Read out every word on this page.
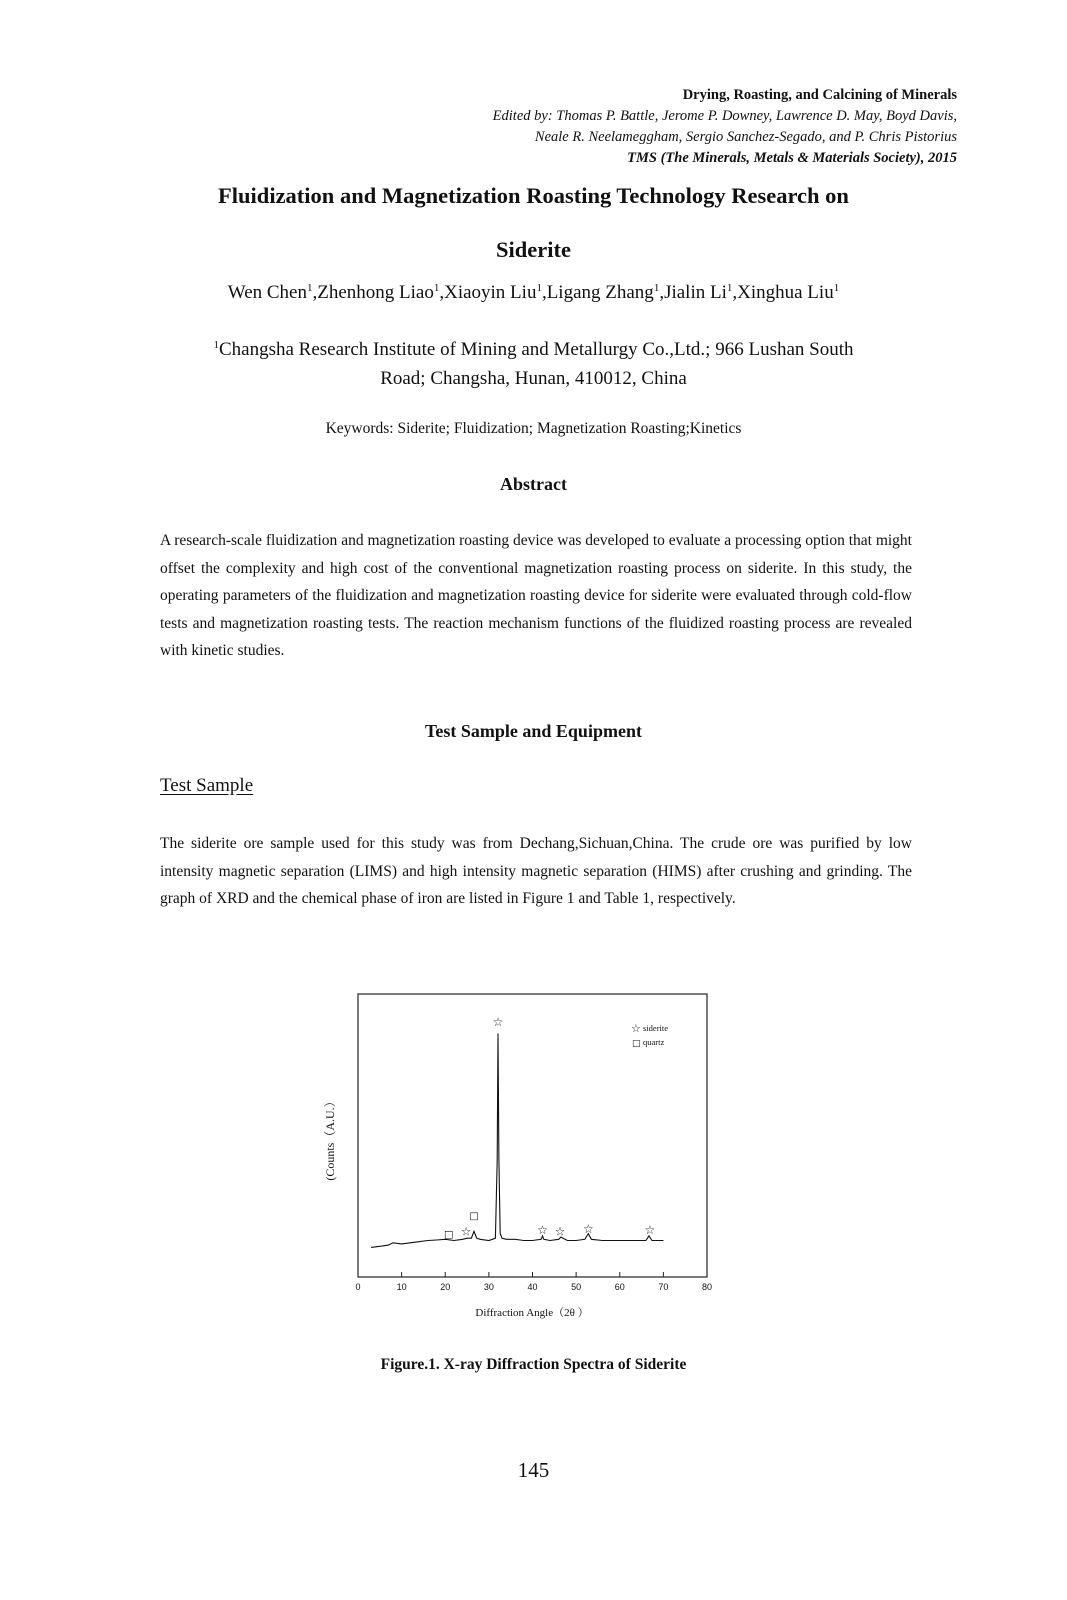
Drying, Roasting, and Calcining of Minerals
Edited by: Thomas P. Battle, Jerome P. Downey, Lawrence D. May, Boyd Davis,
Neale R. Neelameggham, Sergio Sanchez-Segado, and P. Chris Pistorius
TMS (The Minerals, Metals & Materials Society), 2015
Fluidization and Magnetization Roasting Technology Research on
Siderite
Wen Chen$^1$,Zhenhong Liao$^1$,Xiaoyin Liu$^1$,Ligang Zhang$^1$,Jialin Li$^1$,Xinghua Liu$^1$
$^1$Changsha Research Institute of Mining and Metallurgy Co.,Ltd.; 966 Lushan South
Road; Changsha, Hunan, 410012, China
Keywords: Siderite; Fluidization; Magnetization Roasting;Kinetics
Abstract
A research-scale fluidization and magnetization roasting device was developed to evaluate a processing option that might offset the complexity and high cost of the conventional magnetization roasting process on siderite. In this study, the operating parameters of the fluidization and magnetization roasting device for siderite were evaluated through cold-flow tests and magnetization roasting tests. The reaction mechanism functions of the fluidized roasting process are revealed with kinetic studies.
Test Sample and Equipment
Test Sample
The siderite ore sample used for this study was from Dechang,Sichuan,China. The crude ore was purified by low intensity magnetic separation (LIMS) and high intensity magnetic separation (HIMS) after crushing and grinding. The graph of XRD and the chemical phase of iron are listed in Figure 1 and Table 1, respectively.
0	10	20	30	40	50	60	70	80
□ ☆
□
☆
☆ ☆ ☆	☆
☆ siderite
□ quartz
Diffraction Angle（2θ ）
(Counts（A.U.）
Figure.1. X-ray Diffraction Spectra of Siderite
145
